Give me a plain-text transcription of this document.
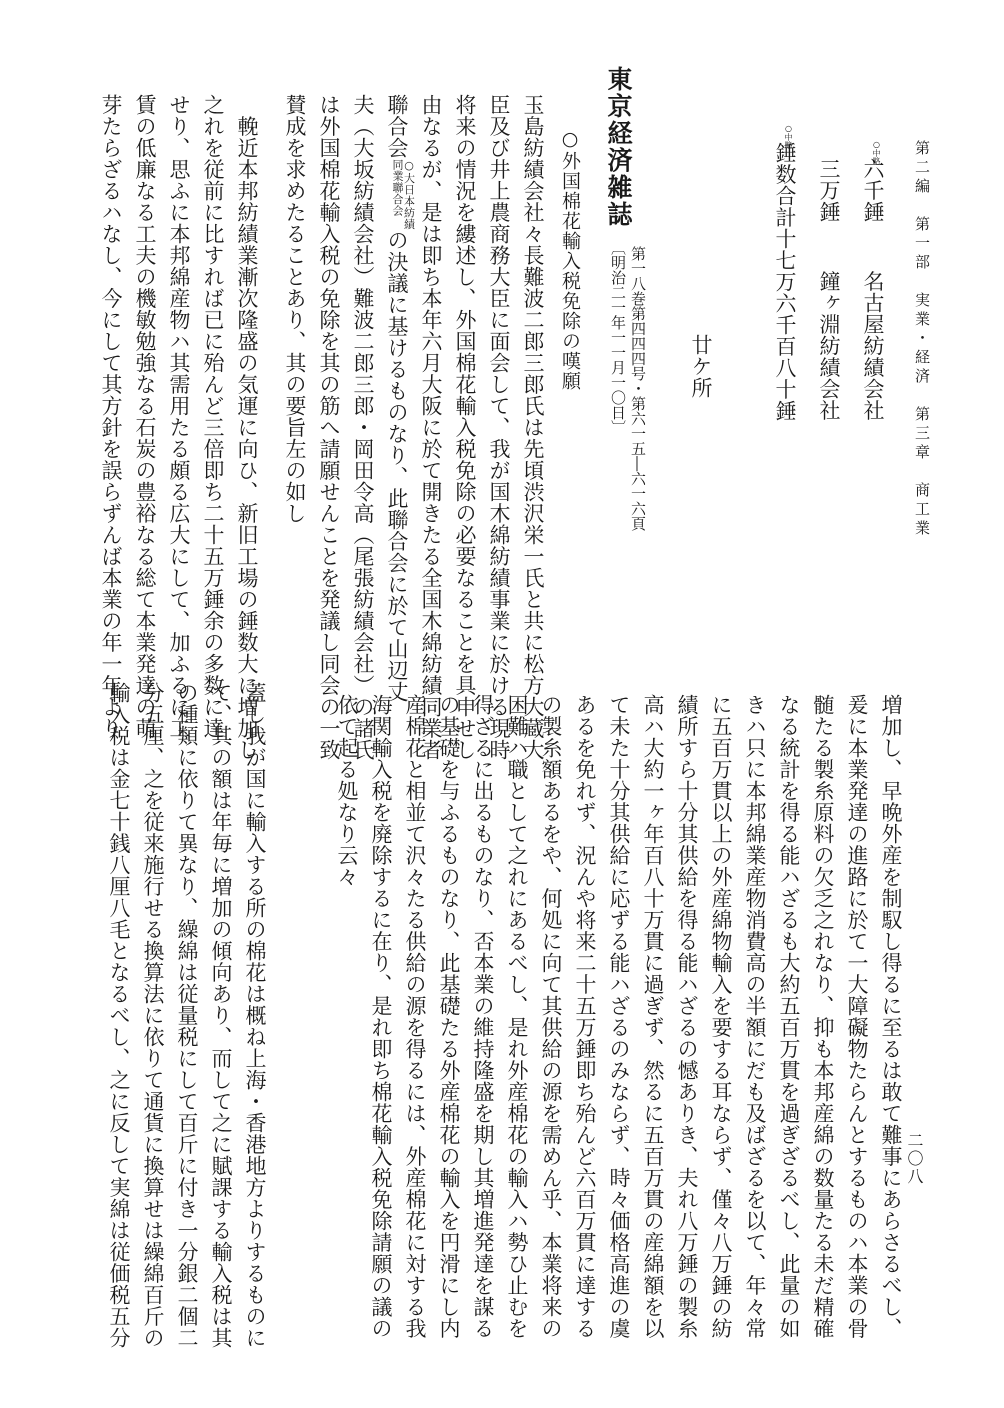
第二編　第一部　実業・経済　第三章　商工業
二〇八
○中略
六千錘名古屋紡績会社
三万錘鐘ヶ淵紡績会社
○中略
錘数合計十七万六千百八十錘
廿ケ所
東京経済雑誌
第一八巻第四四四号・第六一五―六一六頁
〔明治二一年一一月一〇日〕
○外国棉花輸入税免除の嘆願
玉島紡績会社々長難波二郎三郎氏は先頃渋沢栄一氏と共に松方大蔵大
臣及び井上農商務大臣に面会して、我が国木綿紡績事業に於ける現時
将来の情況を縷述し、外国棉花輸入税免除の必要なることを具申せし
由なるが、是は即ち本年六月大阪に於て開きたる全国木綿紡績同業者
聯合会
○大日本紡績
同業聯合会
の決議に基けるものなり、此聯合会に於て山辺丈
夫（大坂紡績会社）難波二郎三郎・岡田令高（尾張紡績会社）の諸氏
は外国棉花輸入税の免除を其の筋へ請願せんことを発議し同会の一致
賛成を求めたることあり、其の要旨左の如し
　輓近本邦紡績業漸次隆盛の気運に向ひ、新旧工場の錘数大に増加し
之れを従前に比すれば已に殆んど三倍即ち二十五万錘余の多数に達
せり、思ふに本邦綿産物ハ其需用たる頗る広大にして、加ふるに工
賃の低廉なる工夫の機敏勉強なる石炭の豊裕なる総て本業発達の萌
芽たらざるハなし、今にして其方針を誤らずんば本業の年一年より
増加し、早晩外産を制馭し得るに至るは敢て難事にあらさるべし、
爰に本業発達の進路に於て一大障礙物たらんとするものハ本業の骨
髄たる製糸原料の欠乏之れなり、抑も本邦産綿の数量たる未だ精確
なる統計を得る能ハざるも大約五百万貫を過ぎざるべし、此量の如
きハ只に本邦綿業産物消費高の半額にだも及ばざるを以て、年々常
に五百万貫以上の外産綿物輸入を要する耳ならず、僅々八万錘の紡
績所すら十分其供給を得る能ハざるの憾ありき、夫れ八万錘の製糸
高ハ大約一ヶ年百八十万貫に過ぎず、然るに五百万貫の産綿額を以
て未た十分其供給に応ずる能ハざるのみならず、時々価格高進の虞
あるを免れず、況んや将来二十五万錘即ち殆んど六百万貫に達する
の製糸額あるをや、何処に向て其供給の源を需めん乎、本業将来の
困難ハ職として之れにあるべし、是れ外産棉花の輸入ハ勢ひ止むを
得ざるに出るものなり、否本業の維持隆盛を期し其増進発達を謀る
の基礎を与ふるものなり、此基礎たる外産棉花の輸入を円滑にし内
産棉花と相並て沢々たる供給の源を得るには、外産棉花に対する我
海関輸入税を廃除するに在り、是れ即ち棉花輸入税免除請願の議の
依て起る処なり云々
蓋し我が国に輸入する所の棉花は概ね上海・香港地方よりするものに
て、其の額は年毎に増加の傾向あり、而して之に賦課する輸入税は其
の種類に依りて異なり、繰綿は従量税にして百斤に付き一分銀二個二
分五厘、之を従来施行せる換算法に依りて通貨に換算せは繰綿百斤の
輸入税は金七十銭八厘八毛となるべし、之に反して実綿は従価税五分
